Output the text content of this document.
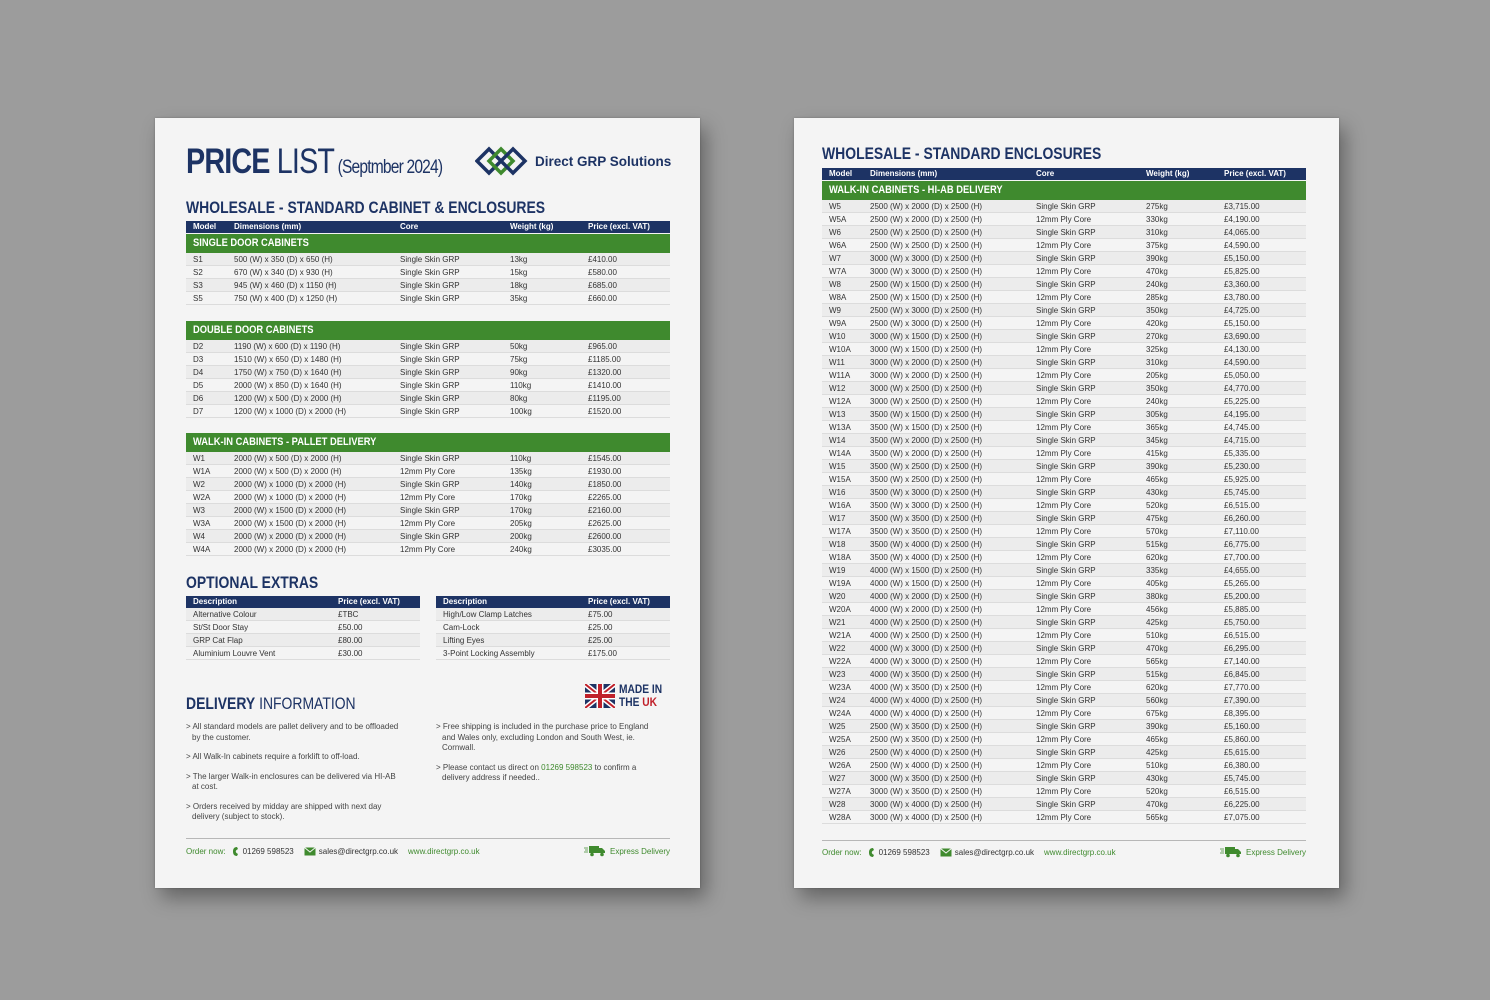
PRICE LIST (Septmber 2024)	Direct GRP Solutions
WHOLESALE - STANDARD CABINET & ENCLOSURES
Model	Dimensions (mm)	Core	Weight (kg)	Price (excl. VAT)
SINGLE DOOR CABINETS
S1	500 (W) x 350 (D) x 650 (H)	Single Skin GRP	13kg	£410.00
S2	670 (W) x 340 (D) x 930 (H)	Single Skin GRP	15kg	£580.00
S3	945 (W) x 460 (D) x 1150 (H)	Single Skin GRP	18kg	£685.00
S5	750 (W) x 400 (D) x 1250 (H)	Single Skin GRP	35kg	£660.00
DOUBLE DOOR CABINETS
D2	1190 (W) x 600 (D) x 1190 (H)	Single Skin GRP	50kg	£965.00
D3	1510 (W) x 650 (D) x 1480 (H)	Single Skin GRP	75kg	£1185.00
D4	1750 (W) x 750 (D) x 1640 (H)	Single Skin GRP	90kg	£1320.00
D5	2000 (W) x 850 (D) x 1640 (H)	Single Skin GRP	110kg	£1410.00
D6	1200 (W) x 500 (D) x 2000 (H)	Single Skin GRP	80kg	£1195.00
D7	1200 (W) x 1000 (D) x 2000 (H)	Single Skin GRP	100kg	£1520.00
WALK-IN CABINETS - PALLET DELIVERY
W1	2000 (W) x 500 (D) x 2000 (H)	Single Skin GRP	110kg	£1545.00
W1A	2000 (W) x 500 (D) x 2000 (H)	12mm Ply Core	135kg	£1930.00
W2	2000 (W) x 1000 (D) x 2000 (H)	Single Skin GRP	140kg	£1850.00
W2A	2000 (W) x 1000 (D) x 2000 (H)	12mm Ply Core	170kg	£2265.00
W3	2000 (W) x 1500 (D) x 2000 (H)	Single Skin GRP	170kg	£2160.00
W3A	2000 (W) x 1500 (D) x 2000 (H)	12mm Ply Core	205kg	£2625.00
W4	2000 (W) x 2000 (D) x 2000 (H)	Single Skin GRP	200kg	£2600.00
W4A	2000 (W) x 2000 (D) x 2000 (H)	12mm Ply Core	240kg	£3035.00
OPTIONAL EXTRAS
Description	Price (excl. VAT)
Alternative Colour	£TBC
St/St Door Stay	£50.00
GRP Cat Flap	£80.00
Aluminium Louvre Vent	£30.00
Description	Price (excl. VAT)
High/Low Clamp Latches	£75.00
Cam-Lock	£25.00
Lifting Eyes	£25.00
3-Point Locking Assembly	£175.00
MADE IN
THE UK
DELIVERY INFORMATION

> All standard models are pallet delivery and to be offloaded by the customer.

> All Walk-In cabinets require a forklift to off-load.

> The larger Walk-in enclosures can be delivered via HI-AB at cost.

> Orders received by midday are shipped with next day delivery (subject to stock).

> Free shipping is included in the purchase price to England and Wales only, excluding London and South West, ie. Cornwall.

> Please contact us direct on 01269 598523 to confirm a delivery address if needed..

Order now: 01269 598523	sales@directgrp.co.uk www.directgrp.co.uk	Express Delivery
WHOLESALE - STANDARD ENCLOSURES
Model	Dimensions (mm)	Core	Weight (kg)	Price (excl. VAT)
WALK-IN CABINETS - HI-AB DELIVERY
W5	2500 (W) x 2000 (D) x 2500 (H)	Single Skin GRP	275kg	£3,715.00
W5A	2500 (W) x 2000 (D) x 2500 (H)	12mm Ply Core	330kg	£4,190.00
W6	2500 (W) x 2500 (D) x 2500 (H)	Single Skin GRP	310kg	£4,065.00
W6A	2500 (W) x 2500 (D) x 2500 (H)	12mm Ply Core	375kg	£4,590.00
W7	3000 (W) x 3000 (D) x 2500 (H)	Single Skin GRP	390kg	£5,150.00
W7A	3000 (W) x 3000 (D) x 2500 (H)	12mm Ply Core	470kg	£5,825.00
W8	2500 (W) x 1500 (D) x 2500 (H)	Single Skin GRP	240kg	£3,360.00
W8A	2500 (W) x 1500 (D) x 2500 (H)	12mm Ply Core	285kg	£3,780.00
W9	2500 (W) x 3000 (D) x 2500 (H)	Single Skin GRP	350kg	£4,725.00
W9A	2500 (W) x 3000 (D) x 2500 (H)	12mm Ply Core	420kg	£5,150.00
W10	3000 (W) x 1500 (D) x 2500 (H)	Single Skin GRP	270kg	£3,690.00
W10A	3000 (W) x 1500 (D) x 2500 (H)	12mm Ply Core	325kg	£4,130.00
W11	3000 (W) x 2000 (D) x 2500 (H)	Single Skin GRP	310kg	£4,590.00
W11A	3000 (W) x 2000 (D) x 2500 (H)	12mm Ply Core	205kg	£5,050.00
W12	3000 (W) x 2500 (D) x 2500 (H)	Single Skin GRP	350kg	£4,770.00
W12A	3000 (W) x 2500 (D) x 2500 (H)	12mm Ply Core	240kg	£5,225.00
W13	3500 (W) x 1500 (D) x 2500 (H)	Single Skin GRP	305kg	£4,195.00
W13A	3500 (W) x 1500 (D) x 2500 (H)	12mm Ply Core	365kg	£4,745.00
W14	3500 (W) x 2000 (D) x 2500 (H)	Single Skin GRP	345kg	£4,715.00
W14A	3500 (W) x 2000 (D) x 2500 (H)	12mm Ply Core	415kg	£5,335.00
W15	3500 (W) x 2500 (D) x 2500 (H)	Single Skin GRP	390kg	£5,230.00
W15A	3500 (W) x 2500 (D) x 2500 (H)	12mm Ply Core	465kg	£5,925.00
W16	3500 (W) x 3000 (D) x 2500 (H)	Single Skin GRP	430kg	£5,745.00
W16A	3500 (W) x 3000 (D) x 2500 (H)	12mm Ply Core	520kg	£6,515.00
W17	3500 (W) x 3500 (D) x 2500 (H)	Single Skin GRP	475kg	£6,260.00
W17A	3500 (W) x 3500 (D) x 2500 (H)	12mm Ply Core	570kg	£7,110.00
W18	3500 (W) x 4000 (D) x 2500 (H)	Single Skin GRP	515kg	£6,775.00
W18A	3500 (W) x 4000 (D) x 2500 (H)	12mm Ply Core	620kg	£7,700.00
W19	4000 (W) x 1500 (D) x 2500 (H)	Single Skin GRP	335kg	£4,655.00
W19A	4000 (W) x 1500 (D) x 2500 (H)	12mm Ply Core	405kg	£5,265.00
W20	4000 (W) x 2000 (D) x 2500 (H)	Single Skin GRP	380kg	£5,200.00
W20A	4000 (W) x 2000 (D) x 2500 (H)	12mm Ply Core	456kg	£5,885.00
W21	4000 (W) x 2500 (D) x 2500 (H)	Single Skin GRP	425kg	£5,750.00
W21A	4000 (W) x 2500 (D) x 2500 (H)	12mm Ply Core	510kg	£6,515.00
W22	4000 (W) x 3000 (D) x 2500 (H)	Single Skin GRP	470kg	£6,295.00
W22A	4000 (W) x 3000 (D) x 2500 (H)	12mm Ply Core	565kg	£7,140.00
W23	4000 (W) x 3500 (D) x 2500 (H)	Single Skin GRP	515kg	£6,845.00
W23A	4000 (W) x 3500 (D) x 2500 (H)	12mm Ply Core	620kg	£7,770.00
W24	4000 (W) x 4000 (D) x 2500 (H)	Single Skin GRP	560kg	£7,390.00
W24A	4000 (W) x 4000 (D) x 2500 (H)	12mm Ply Core	675kg	£8,395.00
W25	2500 (W) x 3500 (D) x 2500 (H)	Single Skin GRP	390kg	£5,160.00
W25A	2500 (W) x 3500 (D) x 2500 (H)	12mm Ply Core	465kg	£5,860.00
W26	2500 (W) x 4000 (D) x 2500 (H)	Single Skin GRP	425kg	£5,615.00
W26A	2500 (W) x 4000 (D) x 2500 (H)	12mm Ply Core	510kg	£6,380.00
W27	3000 (W) x 3500 (D) x 2500 (H)	Single Skin GRP	430kg	£5,745.00
W27A	3000 (W) x 3500 (D) x 2500 (H)	12mm Ply Core	520kg	£6,515.00
W28	3000 (W) x 4000 (D) x 2500 (H)	Single Skin GRP	470kg	£6,225.00
W28A	3000 (W) x 4000 (D) x 2500 (H)	12mm Ply Core	565kg	£7,075.00
Order now: 01269 598523	sales@directgrp.co.uk www.directgrp.co.uk	Express Delivery
